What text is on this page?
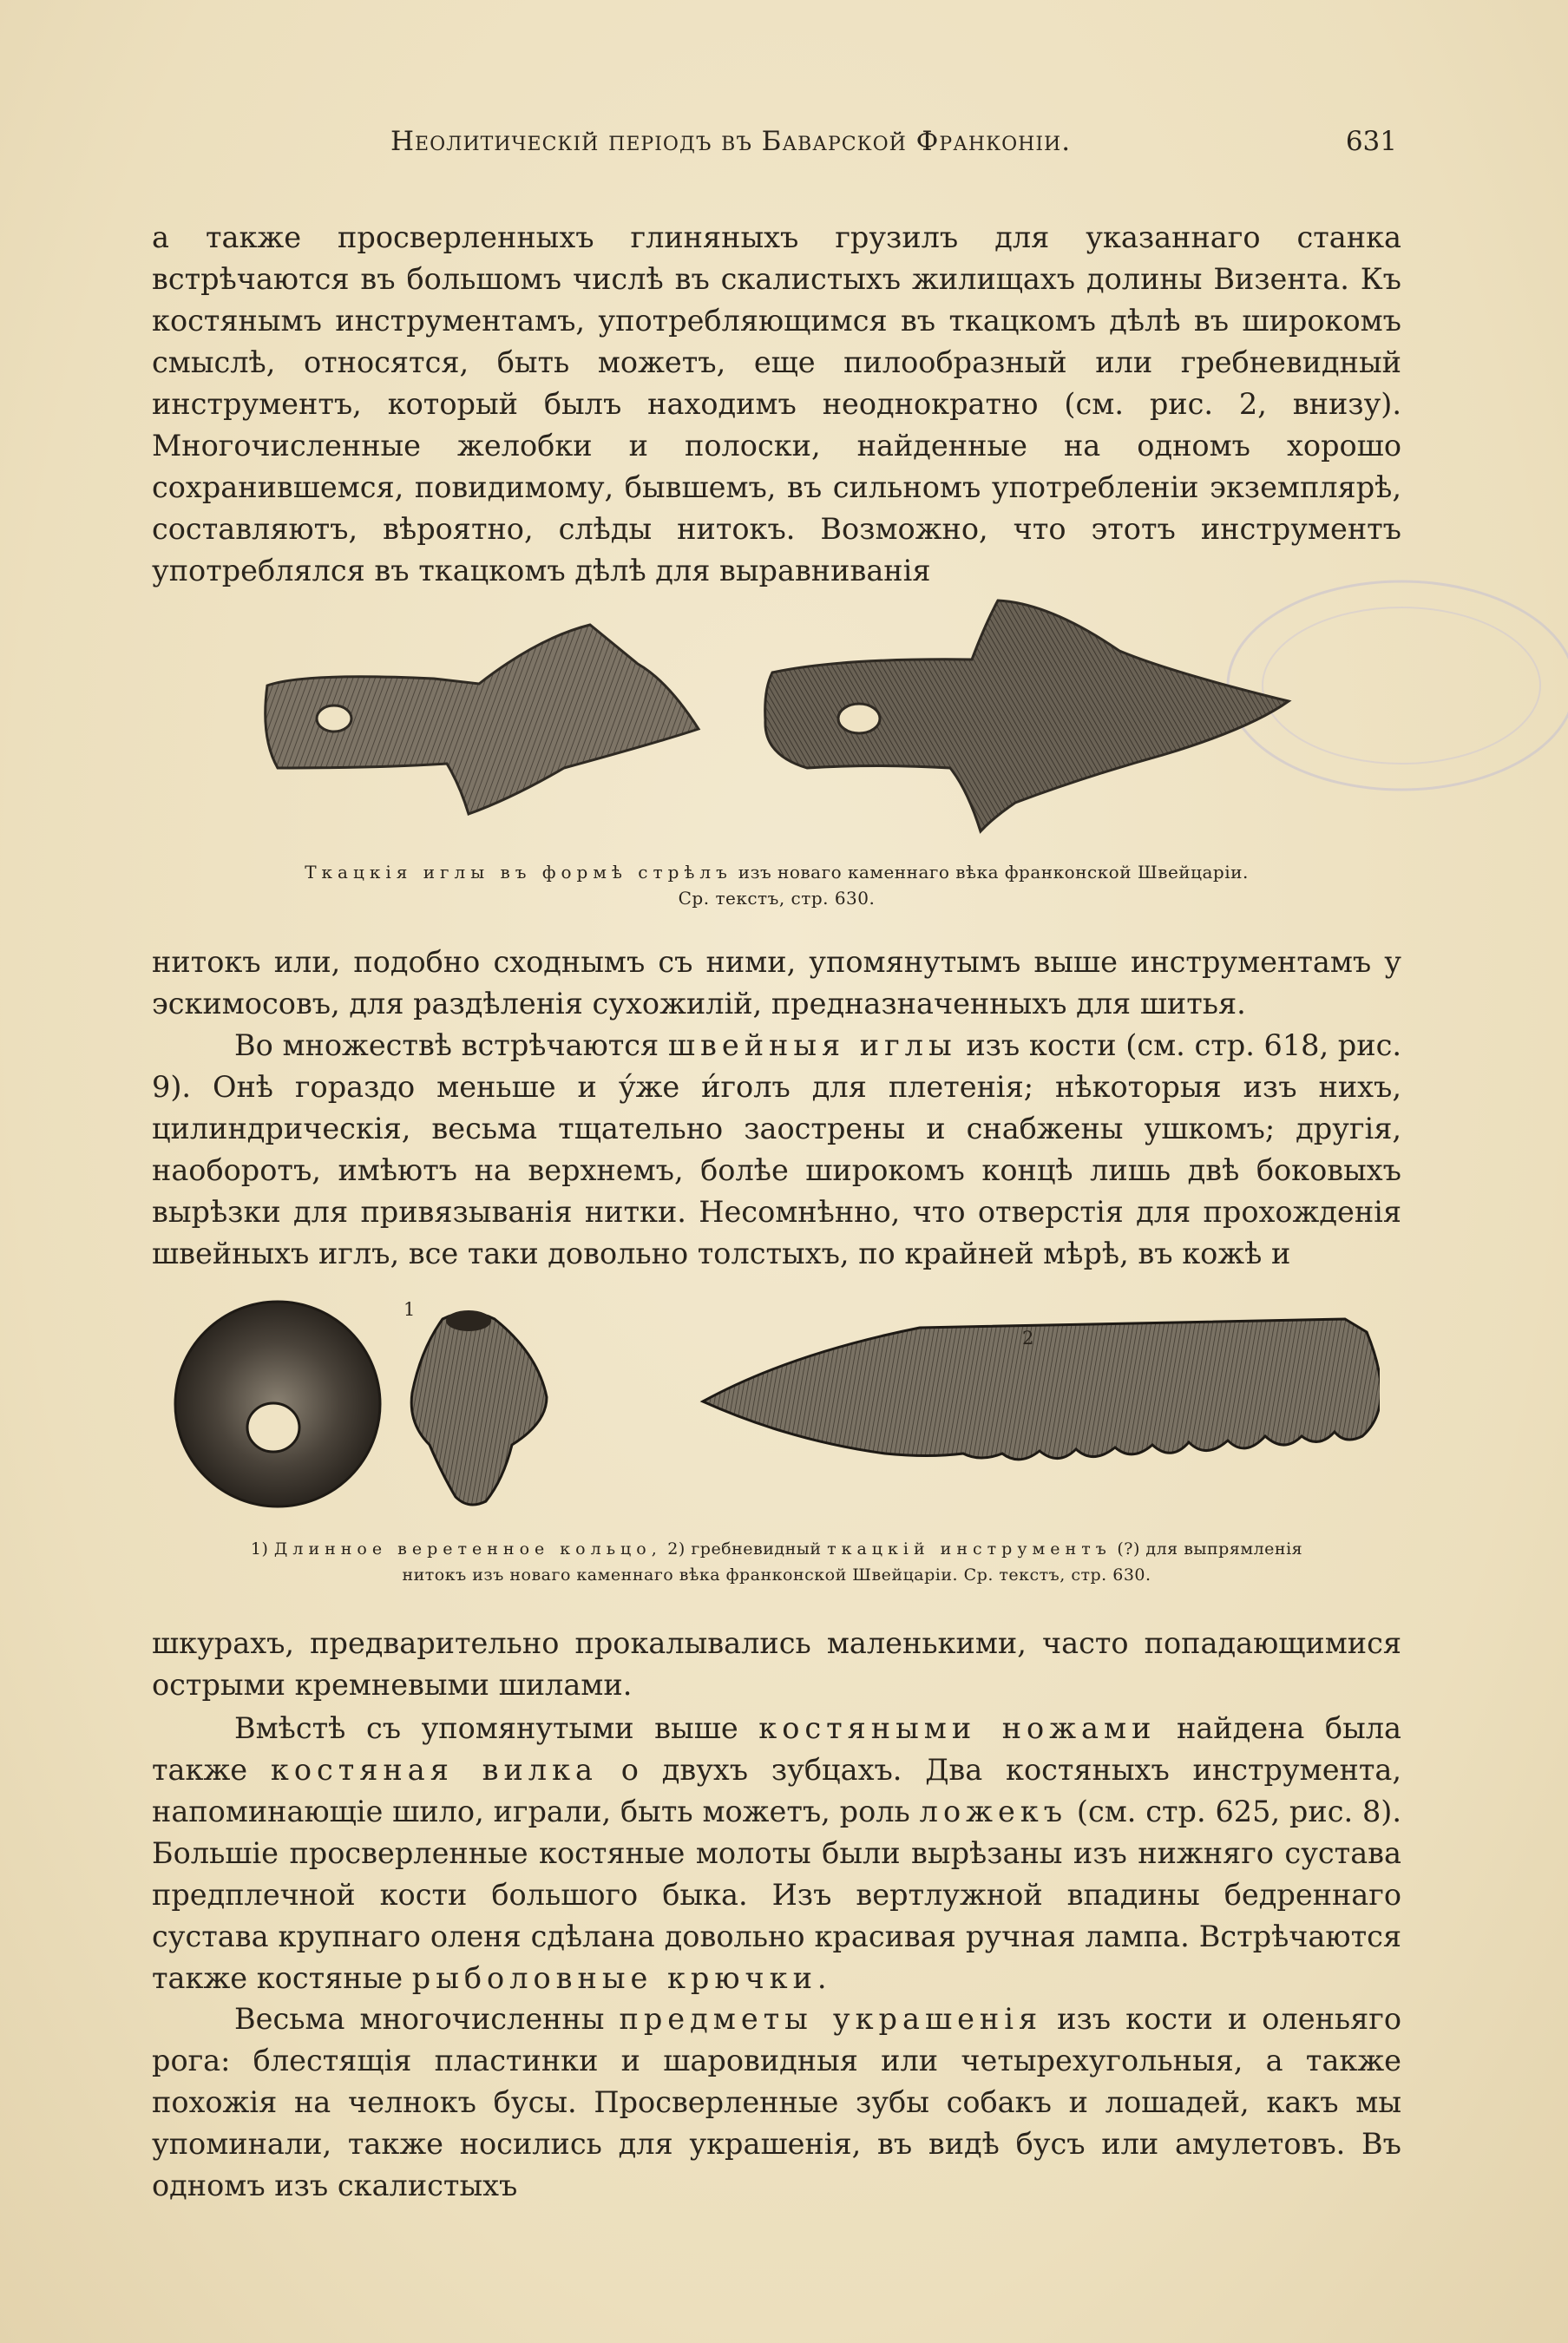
Неолитическій періодъ въ Баварской Франконіи.	631
а также просверленныхъ глиняныхъ грузилъ для указаннаго станка встрѣчаются въ большомъ числѣ въ скалистыхъ жилищахъ долины Визента. Къ костянымъ инструментамъ, употребляющимся въ ткацкомъ дѣлѣ въ широкомъ смыслѣ, относятся, быть можетъ, еще пилообразный или гребневидный инструментъ, который былъ находимъ неоднократно (см. рис. 2, внизу). Многочисленные желобки и полоски, найденные на одномъ хорошо сохранившемся, повидимому, бывшемъ, въ сильномъ употребленіи экземплярѣ, составляютъ, вѣроятно, слѣды нитокъ. Возможно, что этотъ инструментъ употреблялся въ ткацкомъ дѣлѣ для выравниванія
Ткацкія иглы въ формѣ стрѣлъ изъ новаго каменнаго вѣка франконской Швейцаріи.
Ср. текстъ, стр. 630.
нитокъ или, подобно сходнымъ съ ними, упомянутымъ выше инструментамъ у эскимосовъ, для раздѣленія сухожилій, предназначенныхъ для шитья.
Во множествѣ встрѣчаются швейныя иглы изъ кости (см. стр. 618, рис. 9). Онѣ гораздо меньше и у́же и́голъ для плетенія; нѣкоторыя изъ нихъ, цилиндрическія, весьма тщательно заострены и снабжены ушкомъ; другія, наоборотъ, имѣютъ на верхнемъ, болѣе широкомъ концѣ лишь двѣ боковыхъ вырѣзки для привязыванія нитки. Несомнѣнно, что отверстія для прохожденія швейныхъ иглъ, все таки довольно толстыхъ, по крайней мѣрѣ, въ кожѣ и
1
2
1) Длинное веретенное кольцо, 2) гребневидный ткацкій инструментъ (?) для выпрямленія
нитокъ изъ новаго каменнаго вѣка франконской Швейцаріи. Ср. текстъ, стр. 630.
шкурахъ, предварительно прокалывались маленькими, часто попадающимися острыми кремневыми шилами.
Вмѣстѣ съ упомянутыми выше костяными ножами найдена была также костяная вилка о двухъ зубцахъ. Два костяныхъ инструмента, напоминающіе шило, играли, быть можетъ, роль ложекъ (см. стр. 625, рис. 8). Большіе просверленные костяные молоты были вырѣзаны изъ нижняго сустава предплечной кости большого быка. Изъ вертлужной впадины бедреннаго сустава крупнаго оленя сдѣлана довольно красивая ручная лампа. Встрѣчаются также костяные рыболовные крючки.
Весьма многочисленны предметы украшенія изъ кости и оленьяго рога: блестящія пластинки и шаровидныя или четырехугольныя, а также похожія на челнокъ бусы. Просверленные зубы собакъ и лошадей, какъ мы упоминали, также носились для украшенія, въ видѣ бусъ или амулетовъ. Въ одномъ изъ скалистыхъ
